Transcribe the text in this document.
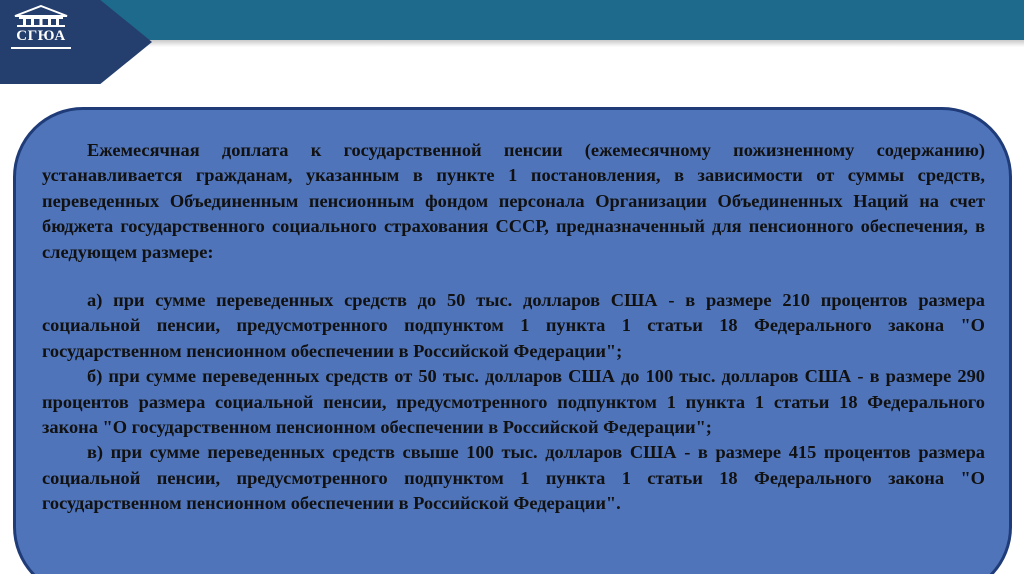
СГЮА

Ежемесячная доплата к государственной пенсии (ежемесячному пожизненному содержанию) устанавливается гражданам, указанным в пункте 1 постановления, в зависимости от суммы средств, переведенных Объединенным пенсионным фондом персонала Организации Объединенных Наций на счет бюджета государственного социального страхования СССР, предназначенный для пенсионного обеспечения, в следующем размере:

а) при сумме переведенных средств до 50 тыс. долларов США - в размере 210 процентов размера социальной пенсии, предусмотренного подпунктом 1 пункта 1 статьи 18 Федерального закона "О государственном пенсионном обеспечении в Российской Федерации";

б) при сумме переведенных средств от 50 тыс. долларов США до 100 тыс. долларов США - в размере 290 процентов размера социальной пенсии, предусмотренного подпунктом 1 пункта 1 статьи 18 Федерального закона "О государственном пенсионном обеспечении в Российской Федерации";

в) при сумме переведенных средств свыше 100 тыс. долларов США - в размере 415 процентов размера социальной пенсии, предусмотренного подпунктом 1 пункта 1 статьи 18 Федерального закона "О государственном пенсионном обеспечении в Российской Федерации".
